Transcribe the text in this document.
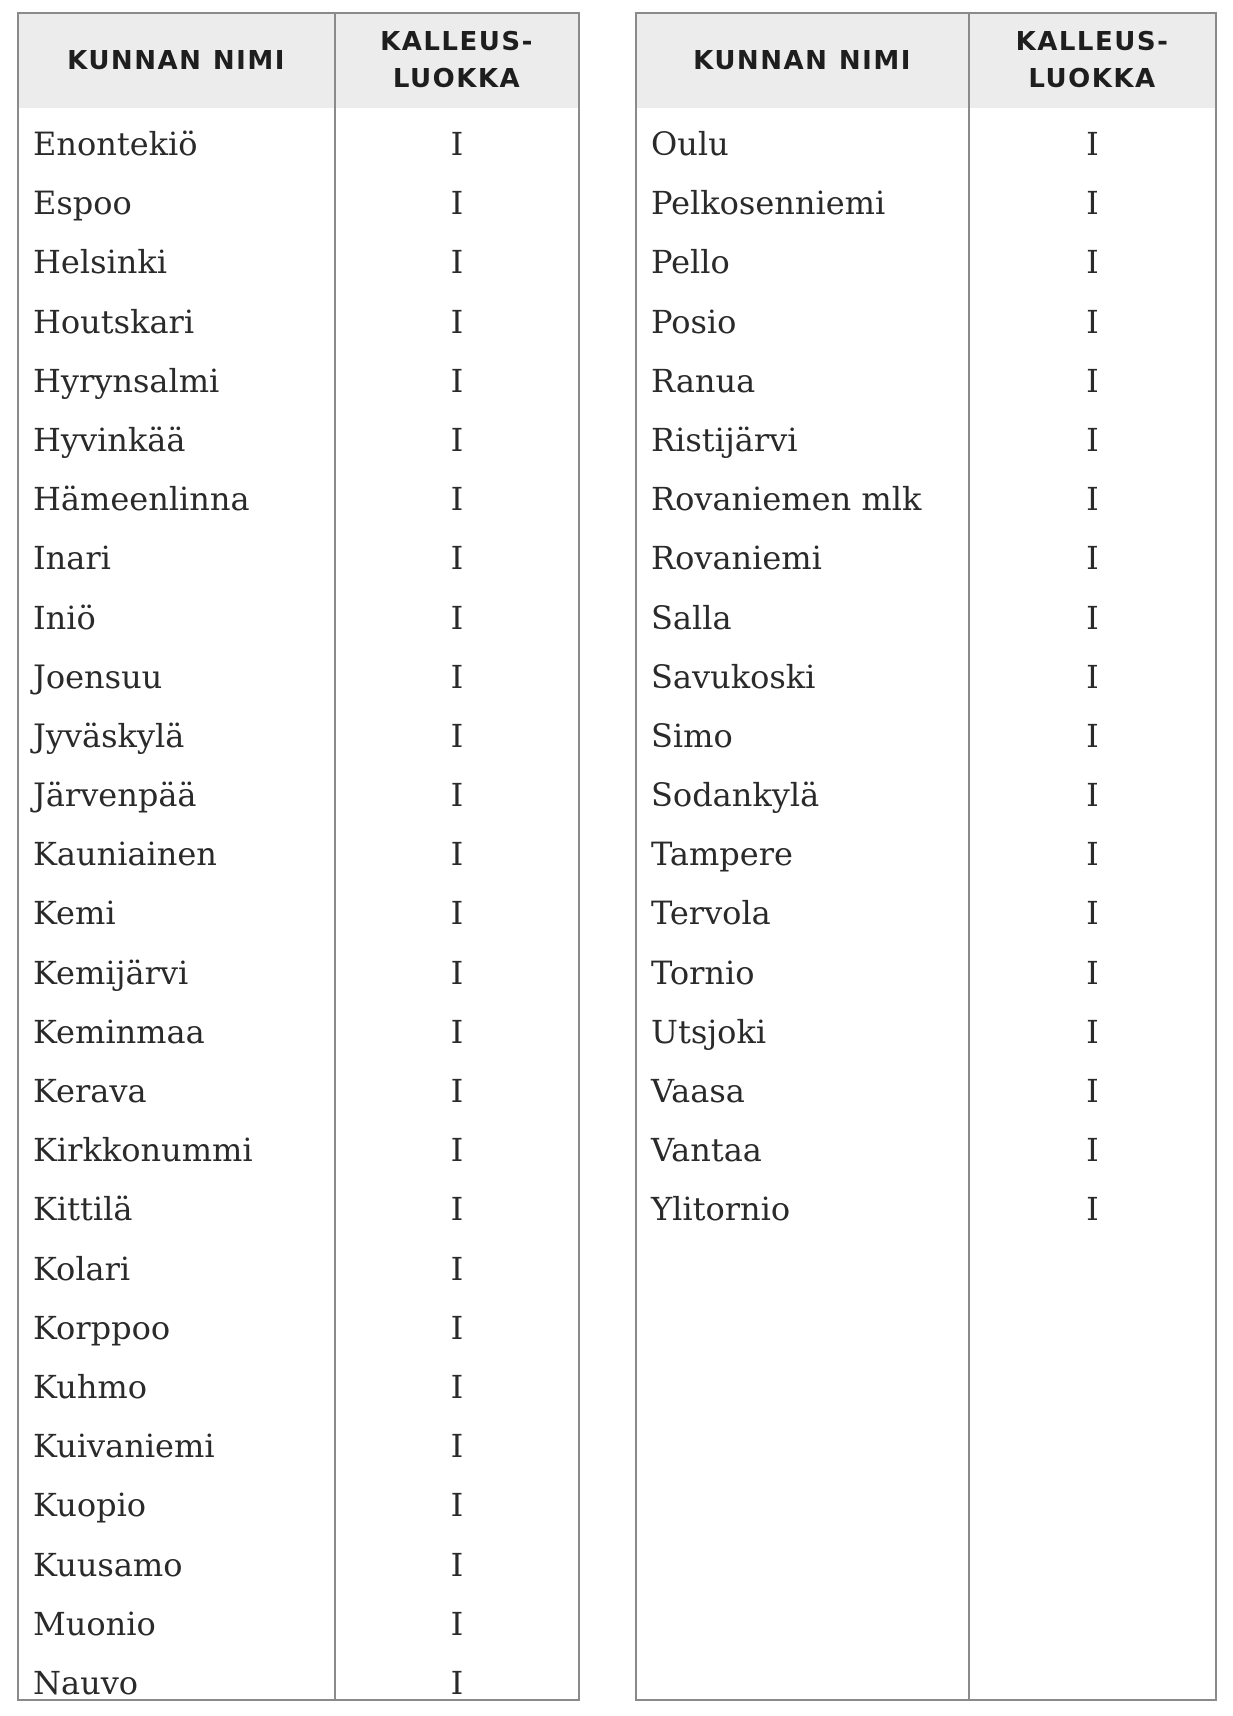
KUNNAN NIMI
KALLEUS-
LUOKKA
Enontekiö
Espoo
Helsinki
Houtskari
Hyrynsalmi
Hyvinkää
Hämeenlinna
Inari
Iniö
Joensuu
Jyväskylä
Järvenpää
Kauniainen
Kemi
Kemijärvi
Keminmaa
Kerava
Kirkkonummi
Kittilä
Kolari
Korppoo
Kuhmo
Kuivaniemi
Kuopio
Kuusamo
Muonio
Nauvo
I
I
I
I
I
I
I
I
I
I
I
I
I
I
I
I
I
I
I
I
I
I
I
I
I
I
I
KUNNAN NIMI
KALLEUS-
LUOKKA
Oulu
Pelkosenniemi
Pello
Posio
Ranua
Ristijärvi
Rovaniemen mlk
Rovaniemi
Salla
Savukoski
Simo
Sodankylä
Tampere
Tervola
Tornio
Utsjoki
Vaasa
Vantaa
Ylitornio
I
I
I
I
I
I
I
I
I
I
I
I
I
I
I
I
I
I
I
